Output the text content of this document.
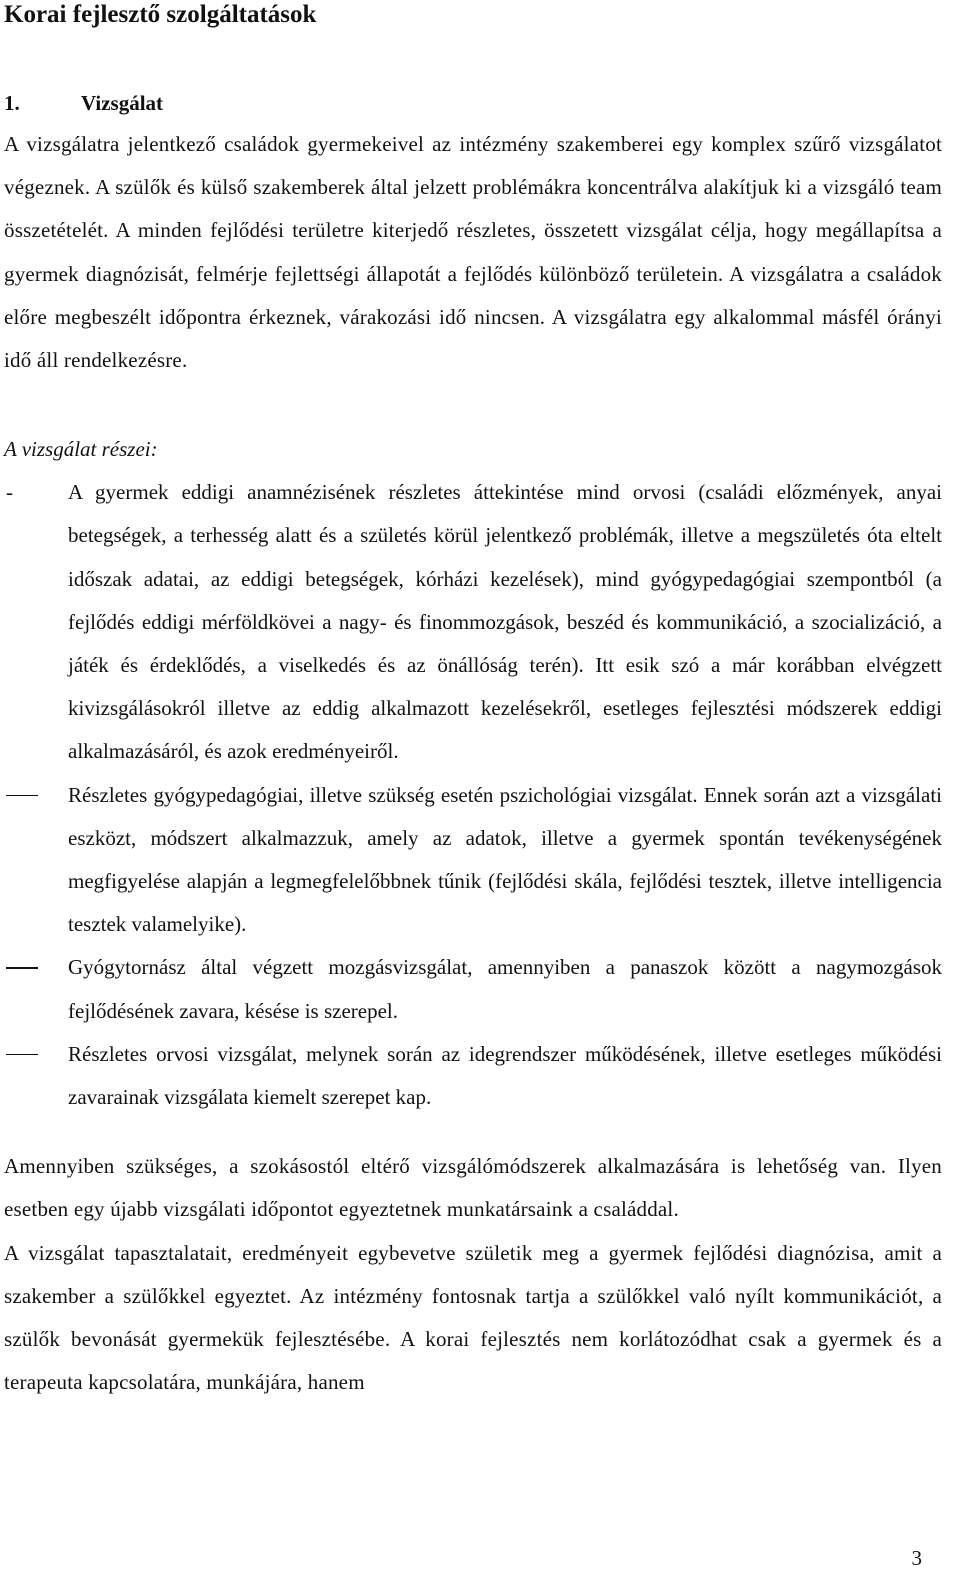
Korai fejlesztő szolgáltatások
1.	Vizsgálat

A vizsgálatra jelentkező családok gyermekeivel az intézmény szakemberei egy komplex szűrő vizsgálatot végeznek. A szülők és külső szakemberek által jelzett problémákra koncentrálva alakítjuk ki a vizsgáló team összetételét. A minden fejlődési területre kiterjedő részletes, összetett vizsgálat célja, hogy megállapítsa a gyermek diagnózisát, felmérje fejlettségi állapotát a fejlődés különböző területein. A vizsgálatra a családok előre megbeszélt időpontra érkeznek, várakozási idő nincsen. A vizsgálatra egy alkalommal másfél órányi idő áll rendelkezésre.

A vizsgálat részei:
-	A gyermek eddigi anamnézisének részletes áttekintése mind orvosi (családi előzmények, anyai betegségek, a terhesség alatt és a születés körül jelentkező problémák, illetve a megszületés óta eltelt időszak adatai, az eddigi betegségek, kórházi kezelések), mind gyógypedagógiai szempontból (a fejlődés eddigi mérföldkövei a nagy- és finommozgások, beszéd és kommunikáció, a szocializáció, a játék és érdeklődés, a viselkedés és az önállóság terén). Itt esik szó a már korábban elvégzett kivizsgálásokról illetve az eddig alkalmazott kezelésekről, esetleges fejlesztési módszerek eddigi alkalmazásáról, és azok eredményeiről.
Részletes gyógypedagógiai, illetve szükség esetén pszichológiai vizsgálat. Ennek során azt a vizsgálati eszközt, módszert alkalmazzuk, amely az adatok, illetve a gyermek spontán tevékenységének megfigyelése alapján a legmegfelelőbbnek tűnik (fejlődési skála, fejlődési tesztek, illetve intelligencia tesztek valamelyike).
Gyógytornász által végzett mozgásvizsgálat, amennyiben a panaszok között a nagymozgások fejlődésének zavara, késése is szerepel.
Részletes orvosi vizsgálat, melynek során az idegrendszer működésének, illetve esetleges működési zavarainak vizsgálata kiemelt szerepet kap.

Amennyiben szükséges, a szokásostól eltérő vizsgálómódszerek alkalmazására is lehetőség van. Ilyen esetben egy újabb vizsgálati időpontot egyeztetnek munkatársaink a családdal.

A vizsgálat tapasztalatait, eredményeit egybevetve születik meg a gyermek fejlődési diagnózisa, amit a szakember a szülőkkel egyeztet. Az intézmény fontosnak tartja a szülőkkel való nyílt kommunikációt, a szülők bevonását gyermekük fejlesztésébe. A korai fejlesztés nem korlátozódhat csak a gyermek és a terapeuta kapcsolatára, munkájára, hanem

3
